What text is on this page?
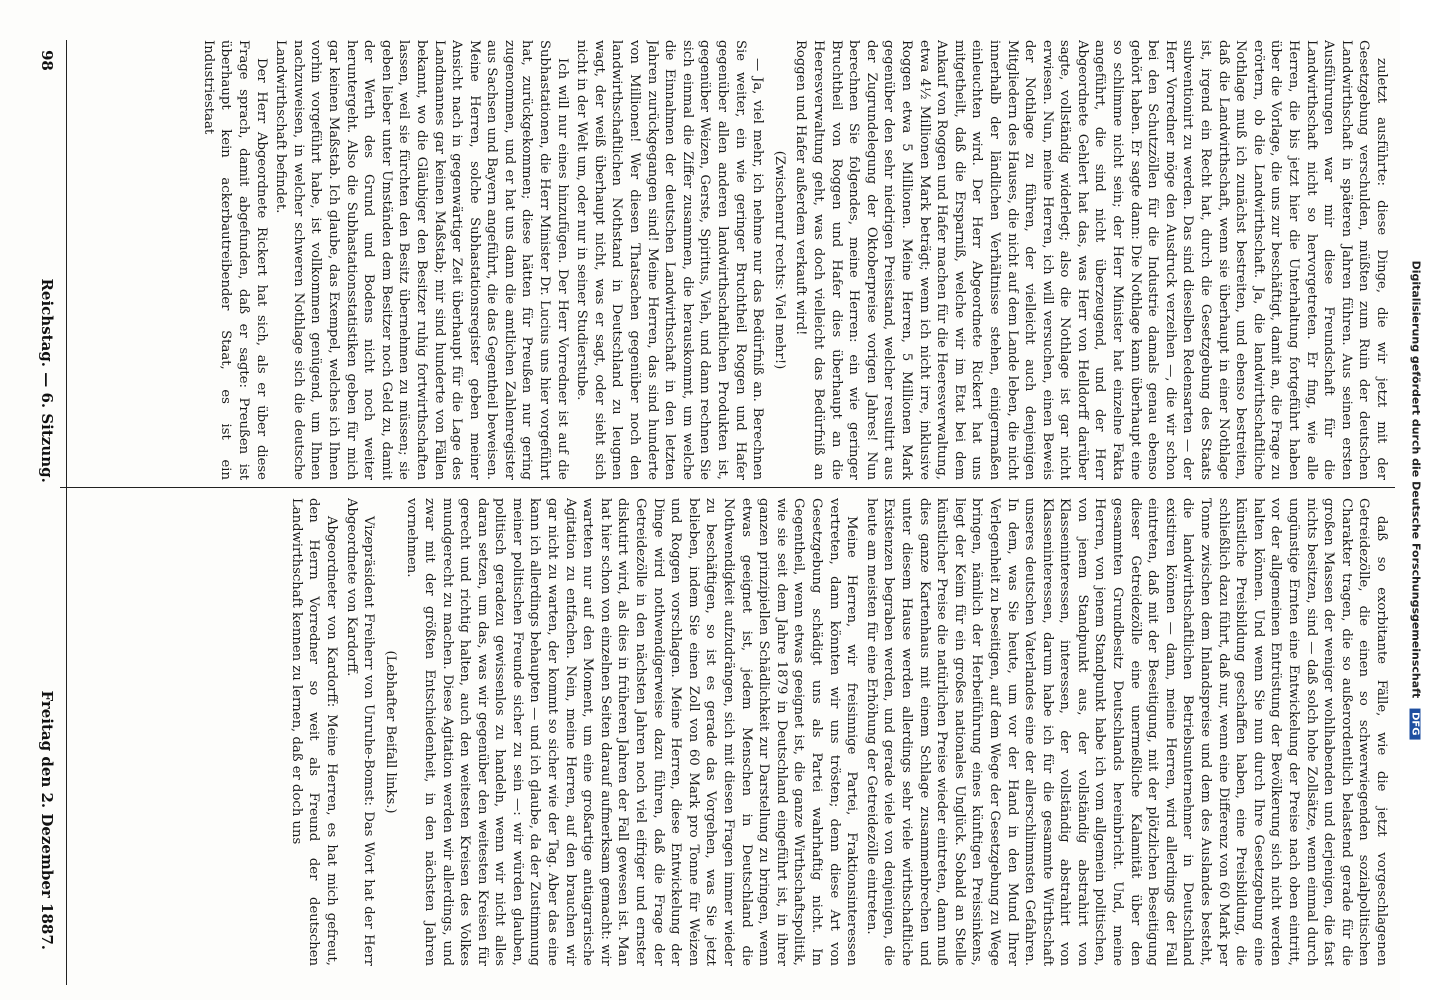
98
Reichstag. — 6. Sitzung.
Freitag den 2. Dezember 1887.	daß so exorbitante Fälle, wie die jetzt vorgeschlagenen Getreidezölle, die einen so schwerwiegenden sozialpolitischen Charakter tragen, die so außerordentlich belastend gerade für die großen Massen der weniger wohlhabenden und derjenigen, die fast nichts besitzen, sind — daß solch hohe Zollsätze, wenn einmal durch ungünstige Ernten eine Entwickelung der Preise nach oben eintritt, vor der allgemeinen Entrüstung der Bevölkerung sich nicht werden halten können. Und wenn Sie nun durch Ihre Gesetzgebung eine künstliche Preisbildung geschaffen haben, eine Preisbildung, die schließlich dazu führt, daß nur, wenn eine Differenz von 60 Mark per Tonne zwischen dem Inlandspreise und dem des Auslandes besteht, die landwirthschaftlichen Betriebsunternehmer in Deutschland existiren können — dann, meine Herren, wird allerdings der Fall eintreten, daß mit der Beseitigung, mit der plötzlichen Beseitigung dieser Getreidezölle eine unermeßliche Kalamität über den gesammten Grundbesitz Deutschlands hereinbricht. Und, meine Herren, von jenem Standpunkt habe ich vom allgemein politischen, von jenem Standpunkt aus, der vollständig abstrahirt von Klasseninteressen, interessen, der vollständig abstrahirt von Klasseninteressen, darum habe ich für die gesammte Wirthschaft unseres deutschen Vaterlandes eine der allerschlimmsten Gefahren. In dem, was Sie heute, um vor der Hand in den Mund Ihrer Verlegenheit zu beseitigen, auf dem Wege der Gesetzgebung zu Wege bringen, nämlich der Herbeiführung eines künftigen Preissinkens, liegt der Keim für ein großes nationales Unglück. Sobald an Stelle künstlicher Preise die natürlichen Preise wieder eintreten, dann muß dies ganze Kartenhaus mit einem Schlage zusammenbrechen und unter diesem Hause werden allerdings sehr viele wirthschaftliche Existenzen begraben werden, und gerade viele von denjenigen, die heute am meisten für eine Erhöhung der Getreidezölle eintreten.

Meine Herren, wir freisinnige Partei, Fraktionsinteressen vertreten, dann könnten wir uns trösten; denn diese Art von Gesetzgebung schädigt uns als Partei wahrhaftig nicht. Im Gegentheil, wenn etwas geeignet ist, die ganze Wirthschaftspolitik, wie sie seit dem Jahre 1879 in Deutschland eingeführt ist, in ihrer ganzen prinzipiellen Schädlichkeit zur Darstellung zu bringen, wenn etwas geeignet ist, jedem Menschen in Deutschland die Nothwendigkeit aufzudrängen, sich mit diesen Fragen immer wieder zu beschäftigen, so ist es gerade das Vorgehen, was Sie jetzt belieben, indem Sie einen Zoll von 60 Mark pro Tonne für Weizen und Roggen vorschlagen. Meine Herren, diese Entwickelung der Dinge wird nothwendigerweise dazu führen, daß die Frage der Getreidezölle in den nächsten Jahren noch viel eifriger und ernster diskutirt wird, als dies in früheren Jahren der Fall gewesen ist. Man hat hier schon von einzelnen Seiten darauf aufmerksam gemacht: wir warteten nur auf den Moment, um eine großartige antiagrarische Agitation zu entfachen. Nein, meine Herren, auf den brauchen wir gar nicht zu warten, der kommt so sicher wie der Tag. Aber das eine kann ich allerdings behaupten — und ich glaube, da der Zustimmung meiner politischen Freunde sicher zu sein —: wir würden glauben, politisch geradezu gewissenlos zu handeln, wenn wir nicht alles daran setzen, um das, was wir gegenüber den weitesten Kreisen für gerecht und richtig halten, auch den weitesten Kreisen des Volkes mundgerecht zu machen. Diese Agitation werden wir allerdings, und zwar mit der größten Entschiedenheit, in den nächsten Jahren vornehmen.

(Lebhafter Beifall links.)

Vizepräsident Freiherr von Unruhe-Bomst: Das Wort hat der Herr Abgeordnete von Kardorff.

Abgeordneter von Kardorff: Meine Herren, es hat mich gefreut, den Herrn Vorredner so weit als Freund der deutschen Landwirthschaft kennen zu lernen, daß er doch uns

zuletzt ausführte: diese Dinge, die wir jetzt mit der Gesetzgebung verschulden, müßten zum Ruin der deutschen Landwirthschaft in späteren Jahren führen. Aus seinen ersten Ausführungen war mir diese Freundschaft für die Landwirthschaft nicht so hervorgetreten. Er fing, wie alle Herren, die bis jetzt hier die Unterhaltung fortgeführt haben über die Vorlage, die uns zur beschäftigt, damit an, die Frage zu erörtern, ob die Landwirthschaft. Ja, die landwirthschaftliche Nothlage muß ich zunächst bestreiten, und ebenso bestreiten, daß die Landwirthschaft, wenn sie überhaupt in einer Nothlage ist, irgend ein Recht hat, durch die Gesetzgebung des Staats subventionirt zu werden. Das sind dieselben Redensarten — der Herr Vorredner möge den Ausdruck verzeihen —, die wir schon bei den Schutzzöllen für die Industrie damals genau ebenso gehört haben. Er sagte dann: Die Nothlage kann überhaupt eine so schlimme nicht sein; der Herr Minister hat einzelne Fakta angeführt, die sind nicht überzeugend, und der Herr Abgeordnete Gehlert hat das, was Herr von Helldorff darüber sagte, vollständig widerlegt; also die Nothlage ist gar nicht erwiesen. Nun, meine Herren, ich will versuchen, einen Beweis der Nothlage zu führen, der vielleicht auch denjenigen Mitgliedern des Hauses, die nicht auf dem Lande leben, die nicht innerhalb der ländlichen Verhältnisse stehen, einigermaßen einleuchten wird. Der Herr Abgeordnete Rickert hat uns mitgetheilt, daß die Ersparniß, welche wir im Etat bei dem Ankauf von Roggen und Hafer machen für die Heeresverwaltung, etwa 4½ Millionen Mark beträgt; wenn ich nicht irre, inklusive Roggen etwa 5 Millionen. Meine Herren, 5 Millionen Mark gegenüber den sehr niedrigen Preisstand, welcher resultirt aus der Zugrundelegung der Oktoberpreise vorigen Jahres! Nun berechnen Sie folgendes, meine Herren: ein wie geringer Bruchtheil von Roggen und Hafer dies überhaupt an die Heeresverwaltung geht, was doch vielleicht das Bedürfniß an Roggen und Hafer außerdem verkauft wird!

(Zwischenruf rechts: Viel mehr!)

— Ja, viel mehr, ich nehme nur das Bedürfniß an. Berechnen Sie weiter, ein wie geringer Bruchtheil Roggen und Hafer gegenüber allen anderen landwirthschaftlichen Produkten ist, gegenüber Weizen, Gerste, Spiritus, Vieh, und dann rechnen Sie sich einmal die Ziffer zusammen, die herauskommt, um welche die Einnahmen der deutschen Landwirthschaft in den letzten Jahren zurückgegangen sind! Meine Herren, das sind hunderte von Millionen! Wer diesen Thatsachen gegenüber noch den landwirthschaftlichen Nothstand in Deutschland zu leugnen wagt, der weiß überhaupt nicht, was er sagt, oder sieht sich nicht in der Welt um, oder nur in seiner Studierstube.

Ich will nur eines hinzufügen. Der Herr Vorredner ist auf die Subhastationen, die Herr Minister Dr. Lucius uns hier vorgeführt hat, zurückgekommen; diese hätten für Preußen nur gering zugenommen, und er hat uns dann die amtlichen Zahlenregister aus Sachsen und Bayern angeführt, die das Gegentheil beweisen. Meine Herren, solche Subhastationsregister geben meiner Ansicht nach in gegenwärtiger Zeit überhaupt für die Lage des Landmannes gar keinen Maßstab; mir sind hunderte von Fällen bekannt, wo die Gläubiger den Besitzer ruhig fortwirthschaften lassen, weil sie fürchten den Besitz übernehmen zu müssen; sie geben lieber unter Umständen dem Besitzer noch Geld zu, damit der Werth des Grund und Bodens nicht noch weiter heruntergeht. Also die Subhastationsstatistiken geben für mich gar keinen Maßstab. Ich glaube, das Exempel, welches ich Ihnen vorhin vorgeführt habe, ist vollkommen genügend, um Ihnen nachzuweisen, in welcher schweren Nothlage sich die deutsche Landwirthschaft befindet.

Der Herr Abgeordnete Rickert hat sich, als er über diese Frage sprach, damit abgefunden, daß er sagte: Preußen ist überhaupt kein ackerbautreibender Staat, es ist ein Industriestaat

Digitalisierung gefördert durch die Deutsche Forschungsgemeinschaft DFG
